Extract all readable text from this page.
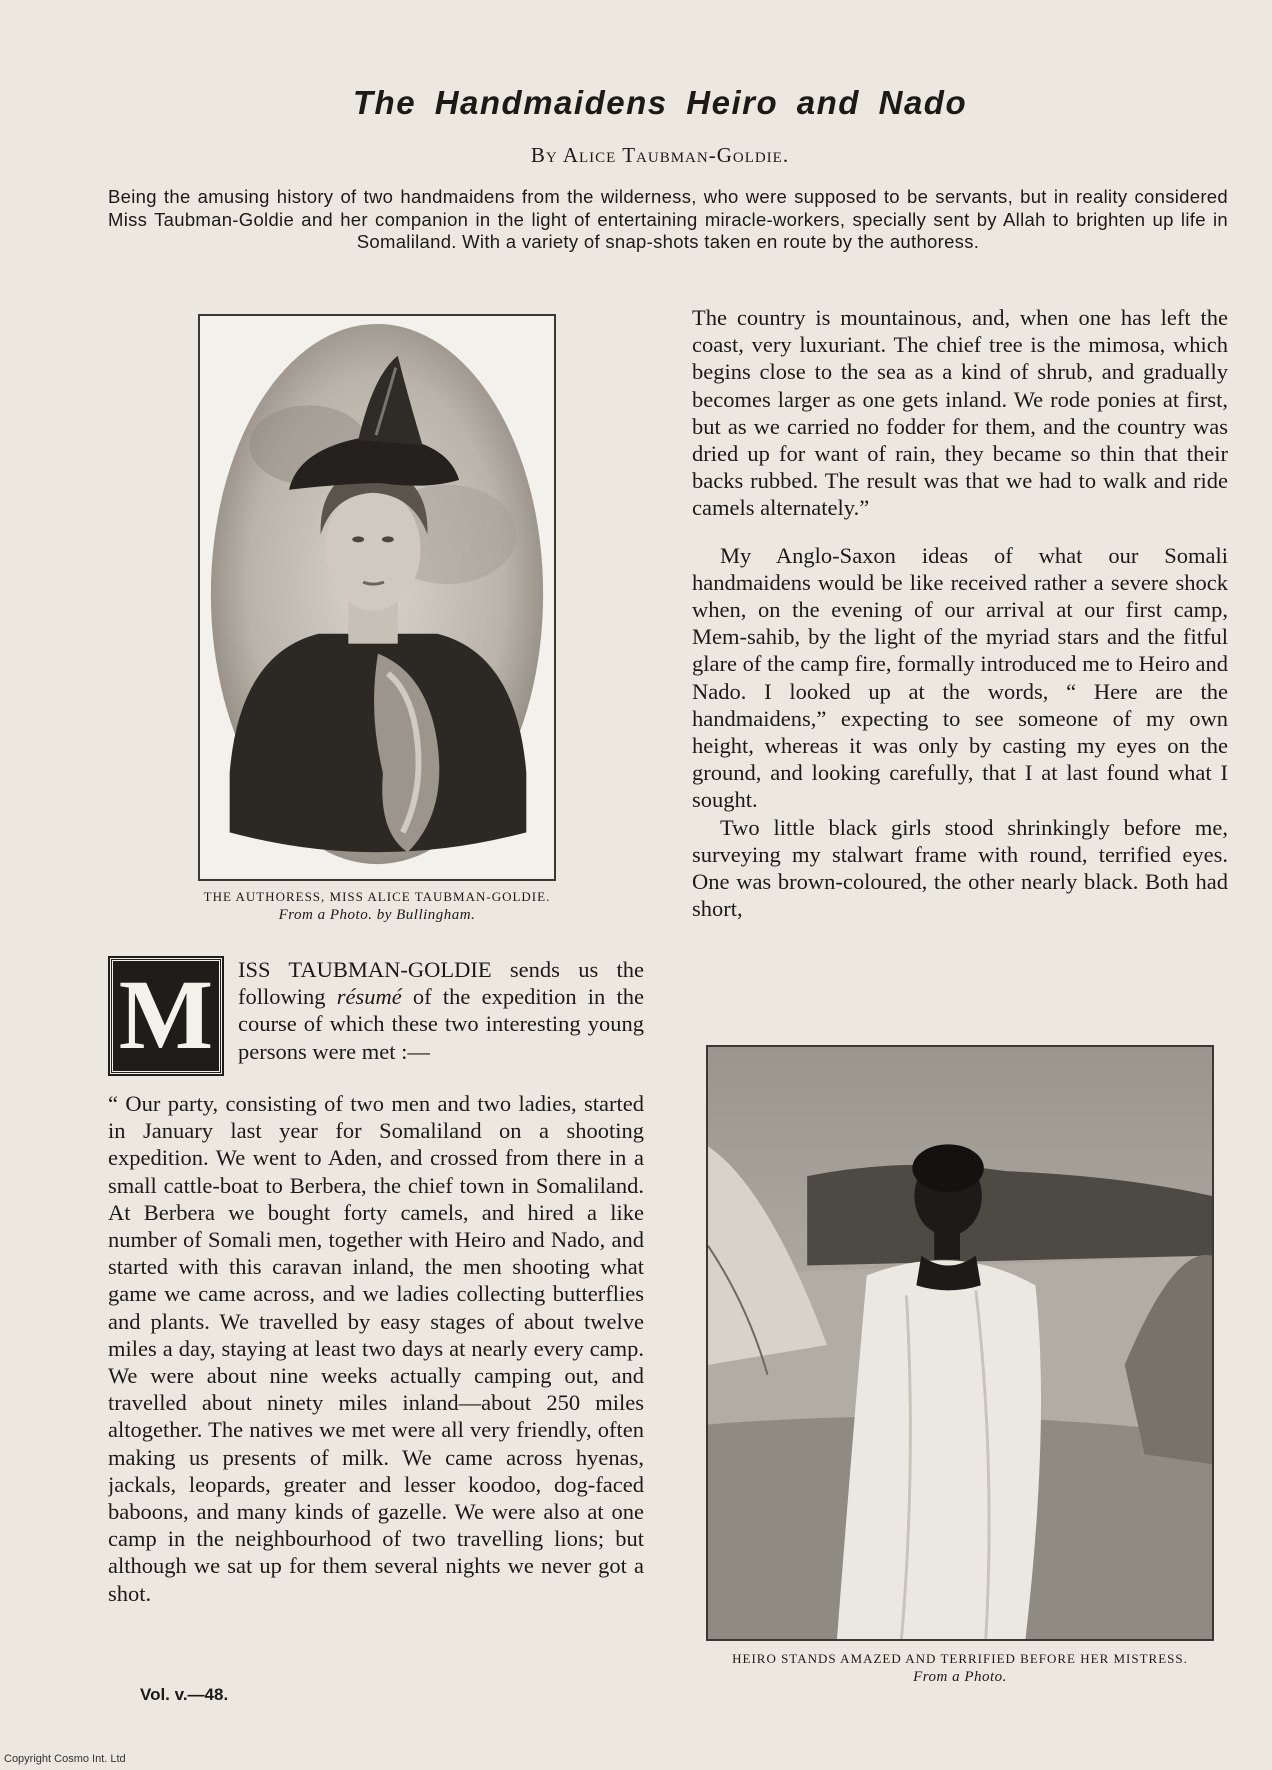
The Handmaidens Heiro and Nado
By Alice Taubman-Goldie.
Being the amusing history of two handmaidens from the wilderness, who were supposed to be servants, but in reality considered Miss Taubman-Goldie and her companion in the light of entertaining miracle-workers, specially sent by Allah to brighten up life in Somaliland. With a variety of snap-shots taken en route by the authoress.
THE AUTHORESS, MISS ALICE TAUBMAN-GOLDIE.
From a Photo. by Bullingham.
M ISS TAUBMAN-GOLDIE sends us the following résumé of the expedition in the course of which these two interesting young persons were met :—

“ Our party, consisting of two men and two ladies, started in January last year for Somaliland on a shooting expedition. We went to Aden, and crossed from there in a small cattle-boat to Berbera, the chief town in Somaliland. At Berbera we bought forty camels, and hired a like number of Somali men, together with Heiro and Nado, and started with this caravan inland, the men shooting what game we came across, and we ladies collecting butterflies and plants. We travelled by easy stages of about twelve miles a day, staying at least two days at nearly every camp. We were about nine weeks actually camping out, and travelled about ninety miles inland—about 250 miles altogether. The natives we met were all very friendly, often making us presents of milk. We came across hyenas, jackals, leopards, greater and lesser koodoo, dog-faced baboons, and many kinds of gazelle. We were also at one camp in the neighbourhood of two travelling lions; but although we sat up for them several nights we never got a shot.

The country is mountainous, and, when one has left the coast, very luxuriant. The chief tree is the mimosa, which begins close to the sea as a kind of shrub, and gradually becomes larger as one gets inland. We rode ponies at first, but as we carried no fodder for them, and the country was dried up for want of rain, they became so thin that their backs rubbed. The result was that we had to walk and ride camels alternately.”

My Anglo-Saxon ideas of what our Somali handmaidens would be like received rather a severe shock when, on the evening of our arrival at our first camp, Mem-sahib, by the light of the myriad stars and the fitful glare of the camp fire, formally introduced me to Heiro and Nado. I looked up at the words, “ Here are the handmaidens,” expecting to see someone of my own height, whereas it was only by casting my eyes on the ground, and looking carefully, that I at last found what I sought.

Two little black girls stood shrinkingly before me, surveying my stalwart frame with round, terrified eyes. One was brown-coloured, the other nearly black. Both had short,

HEIRO STANDS AMAZED AND TERRIFIED BEFORE HER MISTRESS.
From a Photo.
Vol. v.—48.
Copyright Cosmo Int. Ltd
